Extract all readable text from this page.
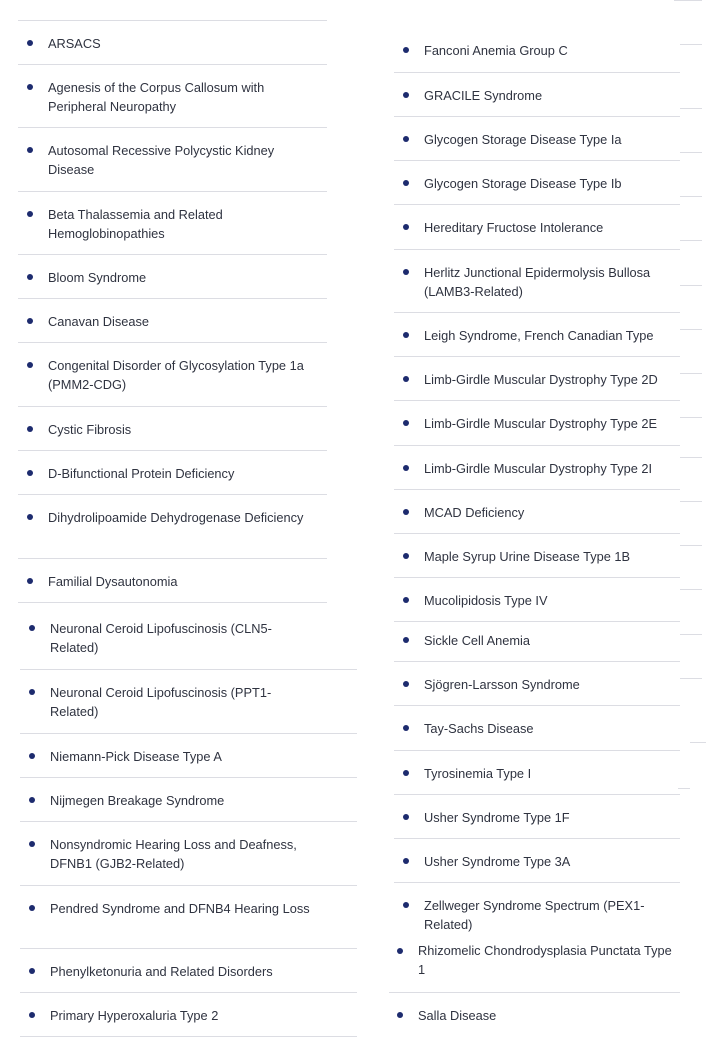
ARSACS
Agenesis of the Corpus Callosum with Peripheral Neuropathy
Autosomal Recessive Polycystic Kidney Disease
Beta Thalassemia and Related Hemoglobinopathies
Bloom Syndrome
Canavan Disease
Congenital Disorder of Glycosylation Type 1a (PMM2-CDG)
Cystic Fibrosis
D-Bifunctional Protein Deficiency
Dihydrolipoamide Dehydrogenase Deficiency
Familial Dysautonomia
Neuronal Ceroid Lipofuscinosis (CLN5-Related)
Neuronal Ceroid Lipofuscinosis (PPT1-Related)
Niemann-Pick Disease Type A
Nijmegen Breakage Syndrome
Nonsyndromic Hearing Loss and Deafness, DFNB1 (GJB2-Related)
Pendred Syndrome and DFNB4 Hearing Loss
Phenylketonuria and Related Disorders
Primary Hyperoxaluria Type 2
Fanconi Anemia Group C
GRACILE Syndrome
Glycogen Storage Disease Type Ia
Glycogen Storage Disease Type Ib
Hereditary Fructose Intolerance
Herlitz Junctional Epidermolysis Bullosa (LAMB3-Related)
Leigh Syndrome, French Canadian Type
Limb-Girdle Muscular Dystrophy Type 2D
Limb-Girdle Muscular Dystrophy Type 2E
Limb-Girdle Muscular Dystrophy Type 2I
MCAD Deficiency
Maple Syrup Urine Disease Type 1B
Mucolipidosis Type IV
Sickle Cell Anemia
Sjögren-Larsson Syndrome
Tay-Sachs Disease
Tyrosinemia Type I
Usher Syndrome Type 1F
Usher Syndrome Type 3A
Zellweger Syndrome Spectrum (PEX1-Related)
Rhizomelic Chondrodysplasia Punctata Type 1
Salla Disease
